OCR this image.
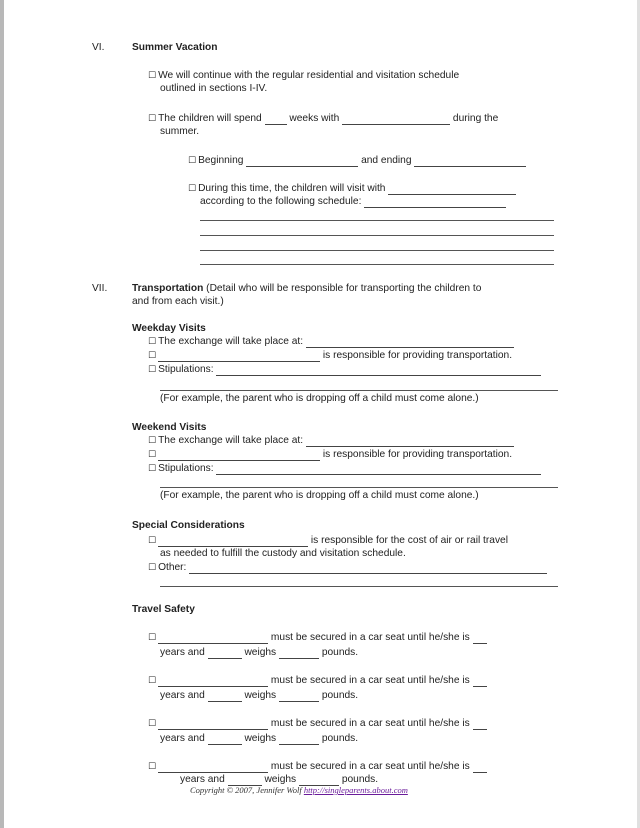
VI.	Summer Vacation
☐ We will continue with the regular residential and visitation schedule
outlined in sections I-IV.
☐ The children will spend	weeks with	during the
summer.
☐ Beginning	and ending
☐ During this time, the children will visit with
according to the following schedule:
VII. Transportation (Detail who will be responsible for transporting the children to
and from each visit.)
Weekday Visits
☐ The exchange will take place at:
☐	is responsible for providing transportation.
☐ Stipulations:
(For example, the parent who is dropping off a child must come alone.)
Weekend Visits
☐ The exchange will take place at:
☐	is responsible for providing transportation.
☐ Stipulations:
(For example, the parent who is dropping off a child must come alone.)
Special Considerations
☐	is responsible for the cost of air or rail travel
as needed to fulfill the custody and visitation schedule.
☐ Other:
Travel Safety
☐	must be secured in a car seat until he/she is
years and	weighs	pounds.
☐	must be secured in a car seat until he/she is
years and	weighs	pounds.
☐	must be secured in a car seat until he/she is
years and	weighs	pounds.
☐	must be secured in a car seat until he/she is
years and	weighs	pounds.
Copyright © 2007, Jennifer Wolf http://singleparents.about.com
